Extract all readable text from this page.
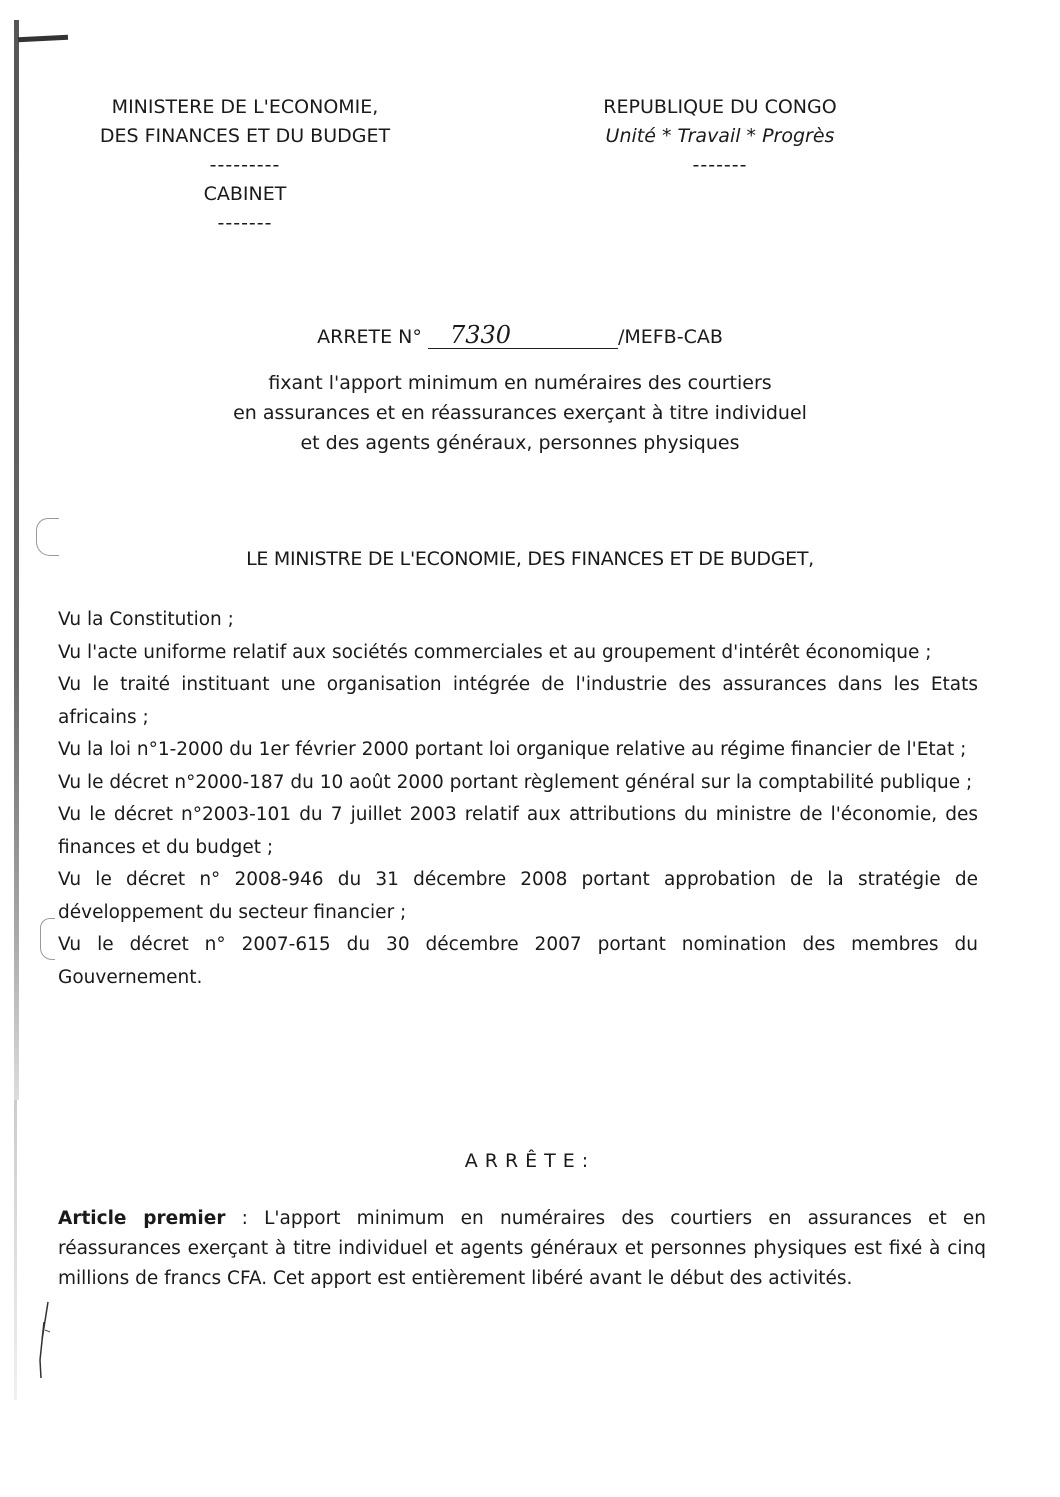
MINISTERE DE L'ECONOMIE,
DES FINANCES ET DU BUDGET
---------
CABINET
-------
REPUBLIQUE DU CONGO
Unité * Travail * Progrès
-------
ARRETE N° 7330	/MEFB-CAB
fixant l'apport minimum en numéraires des courtiers
en assurances et en réassurances exerçant à titre individuel
et des agents généraux, personnes physiques
LE MINISTRE DE L'ECONOMIE, DES FINANCES ET DE BUDGET,

Vu la Constitution ;

Vu l'acte uniforme relatif aux sociétés commerciales et au groupement d'intérêt économique ;

Vu le traité instituant une organisation intégrée de l'industrie des assurances dans les Etats africains ;

Vu la loi n°1-2000 du 1er février 2000 portant loi organique relative au régime financier de l'Etat ;

Vu le décret n°2000-187 du 10 août 2000 portant règlement général sur la comptabilité publique ;

Vu le décret n°2003-101 du 7 juillet 2003 relatif aux attributions du ministre de l'économie, des finances et du budget ;

Vu le décret n° 2008-946 du 31 décembre 2008 portant approbation de la stratégie de développement du secteur financier ;

Vu le décret n° 2007-615 du 30 décembre 2007 portant nomination des membres du Gouvernement.

ARRÊTE:
Article premier : L'apport minimum en numéraires des courtiers en assurances et en réassurances exerçant à titre individuel et agents généraux et personnes physiques est fixé à cinq millions de francs CFA. Cet apport est entièrement libéré avant le début des activités.
